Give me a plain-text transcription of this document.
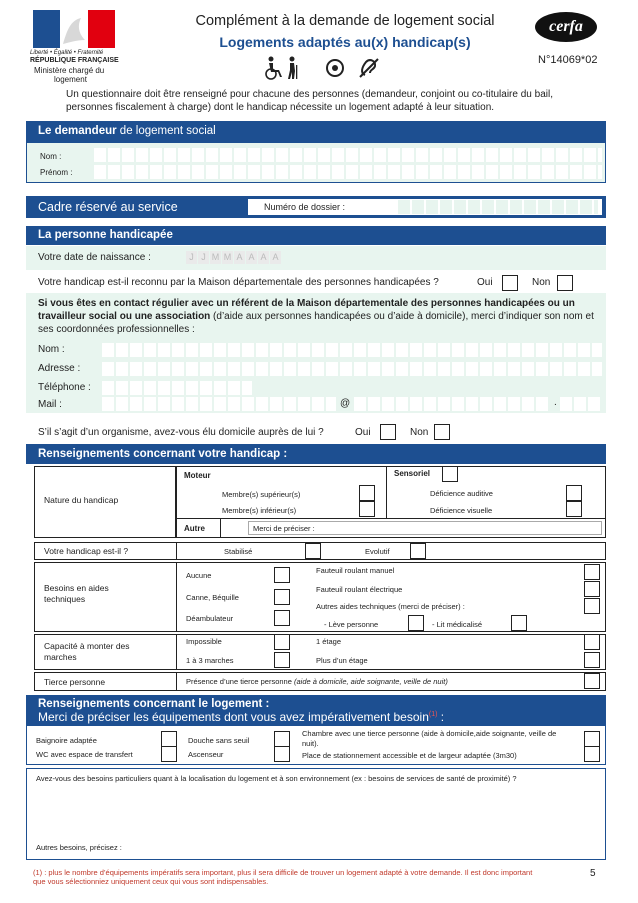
Liberté • Égalité • Fraternité
RÉPUBLIQUE FRANÇAISE
Ministère chargé du
logement
Complément à la demande de logement social
Logements adaptés au(x) handicap(s)
cerfa
N°14069*02
Un questionnaire doit être renseigné pour chacune des personnes (demandeur, conjoint ou co-titulaire du bail, personnes fiscalement à charge) dont le handicap nécessite un logement adapté à leur situation.
Le demandeur de logement social
Nom :
Prénom :
Cadre réservé au service	Numéro de dossier :
La personne handicapée
Votre date de naissance :	J J M M A A A A
Votre handicap est-il reconnu par la Maison départementale des personnes handicapées ?	Oui	Non
Si vous êtes en contact régulier avec un référent de la Maison départementale des personnes handicapées ou un travailleur social ou une association (d’aide aux personnes handicapées ou d’aide à domicile), merci d’indiquer son nom et ses coordonnées professionnelles :
Nom :
Adresse :
Téléphone :
Mail :	@	.
S’il s’agit d’un organisme, avez-vous élu domicile auprès de lui ?	Oui	Non
Renseignements concernant votre handicap :
Nature du handicap
Moteur
Membre(s) supérieur(s)
Membre(s) inférieur(s)
Sensoriel
Déficience auditive
Déficience visuelle
Autre	Merci de préciser :
Votre handicap est-il ?	Stabilisé	Evolutif
Besoins en aides techniques
Aucune
Canne, Béquille
Déambulateur
Fauteuil roulant manuel
Fauteuil roulant électrique
Autres aides techniques (merci de préciser) :
- Lève personne	- Lit médicalisé
Capacité à monter des marches
Impossible
1 à 3 marches
1 étage
Plus d’un étage
Tierce personne	Présence d’une tierce personne (aide à domicile, aide soignante, veille de nuit)
Renseignements concernant le logement :
Merci de préciser les équipements dont vous avez impérativement besoin$^{(1)}$ :
Baignoire adaptée
WC avec espace de transfert
Douche sans seuil
Ascenseur
Chambre avec une tierce personne (aide à domicile,aide soignante, veille de nuit).
Place de stationnement accessible et de largeur adaptée (3m30)
Avez-vous des besoins particuliers quant à la localisation du logement et à son environnement (ex : besoins de services de santé de proximité) ?
Autres besoins, précisez :
(1) : plus le nombre d’équipements impératifs sera important, plus il sera difficile de trouver un logement adapté à votre demande. Il est donc important que vous sélectionniez uniquement ceux qui vous sont indispensables.
5
